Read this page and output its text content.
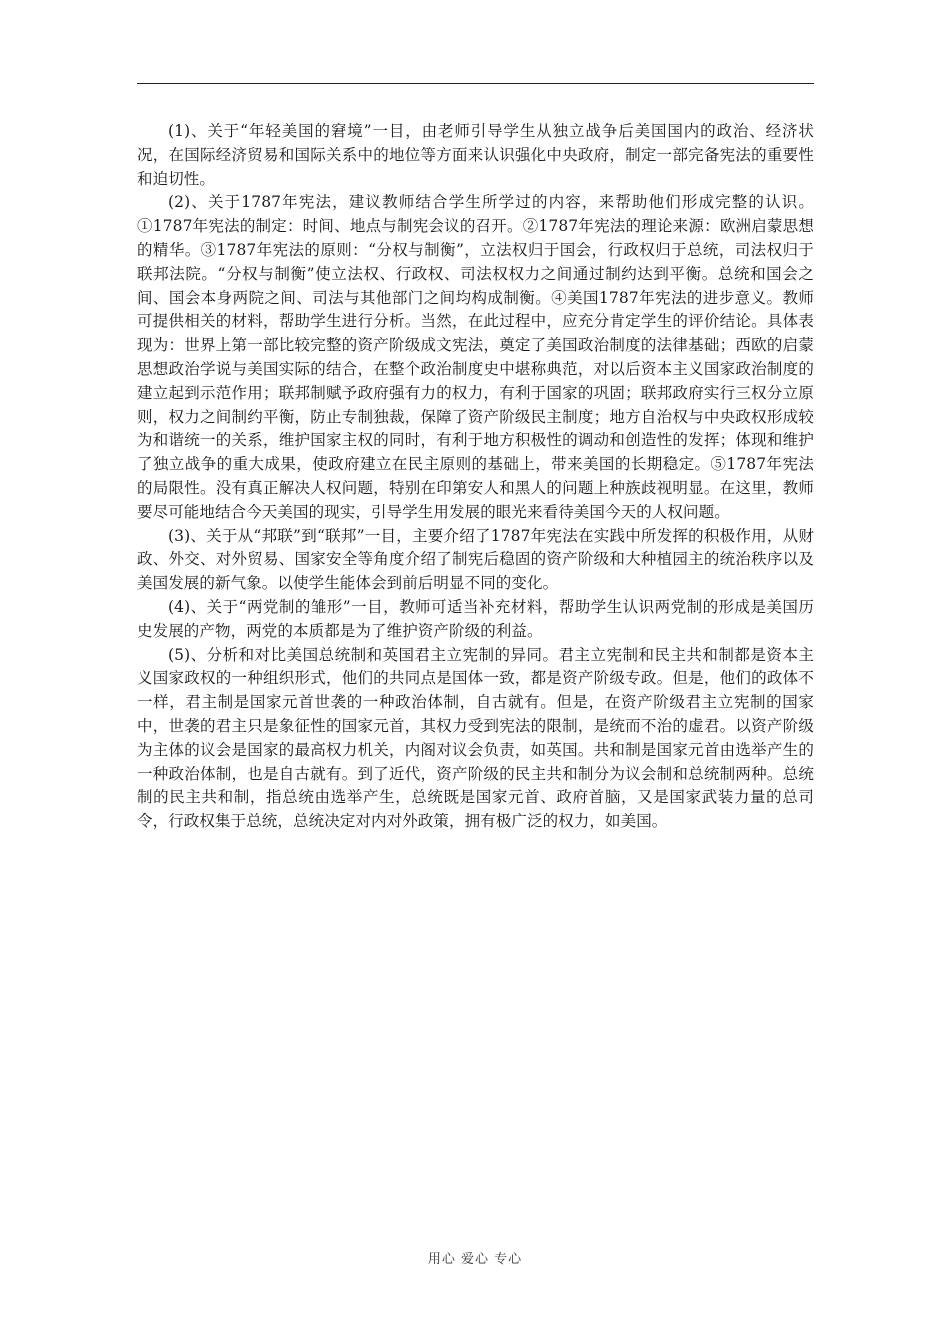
(1)、关于“年轻美国的窘境”一目，由老师引导学生从独立战争后美国国内的政治、经济状况，在国际经济贸易和国际关系中的地位等方面来认识强化中央政府，制定一部完备宪法的重要性和迫切性。

(2)、关于1787年宪法，建议教师结合学生所学过的内容，来帮助他们形成完整的认识。①1787年宪法的制定：时间、地点与制宪会议的召开。②1787年宪法的理论来源：欧洲启蒙思想的精华。③1787年宪法的原则：“分权与制衡”，立法权归于国会，行政权归于总统，司法权归于联邦法院。“分权与制衡”使立法权、行政权、司法权权力之间通过制约达到平衡。总统和国会之间、国会本身两院之间、司法与其他部门之间均构成制衡。④美国1787年宪法的进步意义。教师可提供相关的材料，帮助学生进行分析。当然，在此过程中，应充分肯定学生的评价结论。具体表现为：世界上第一部比较完整的资产阶级成文宪法，奠定了美国政治制度的法律基础；西欧的启蒙思想政治学说与美国实际的结合，在整个政治制度史中堪称典范，对以后资本主义国家政治制度的建立起到示范作用；联邦制赋予政府强有力的权力，有利于国家的巩固；联邦政府实行三权分立原则，权力之间制约平衡，防止专制独裁，保障了资产阶级民主制度；地方自治权与中央政权形成较为和谐统一的关系，维护国家主权的同时，有利于地方积极性的调动和创造性的发挥；体现和维护了独立战争的重大成果，使政府建立在民主原则的基础上，带来美国的长期稳定。⑤1787年宪法的局限性。没有真正解决人权问题，特别在印第安人和黑人的问题上种族歧视明显。在这里，教师要尽可能地结合今天美国的现实，引导学生用发展的眼光来看待美国今天的人权问题。

(3)、关于从“邦联”到“联邦”一目，主要介绍了1787年宪法在实践中所发挥的积极作用，从财政、外交、对外贸易、国家安全等角度介绍了制宪后稳固的资产阶级和大种植园主的统治秩序以及美国发展的新气象。以使学生能体会到前后明显不同的变化。

(4)、关于“两党制的雏形”一目，教师可适当补充材料，帮助学生认识两党制的形成是美国历史发展的产物，两党的本质都是为了维护资产阶级的利益。

(5)、分析和对比美国总统制和英国君主立宪制的异同。君主立宪制和民主共和制都是资本主义国家政权的一种组织形式，他们的共同点是国体一致，都是资产阶级专政。但是，他们的政体不一样，君主制是国家元首世袭的一种政治体制，自古就有。但是，在资产阶级君主立宪制的国家中，世袭的君主只是象征性的国家元首，其权力受到宪法的限制，是统而不治的虚君。以资产阶级为主体的议会是国家的最高权力机关，内阁对议会负责，如英国。共和制是国家元首由选举产生的一种政治体制，也是自古就有。到了近代，资产阶级的民主共和制分为议会制和总统制两种。总统制的民主共和制，指总统由选举产生，总统既是国家元首、政府首脑，又是国家武装力量的总司令，行政权集于总统，总统决定对内对外政策，拥有极广泛的权力，如美国。

用心 爱心 专心
